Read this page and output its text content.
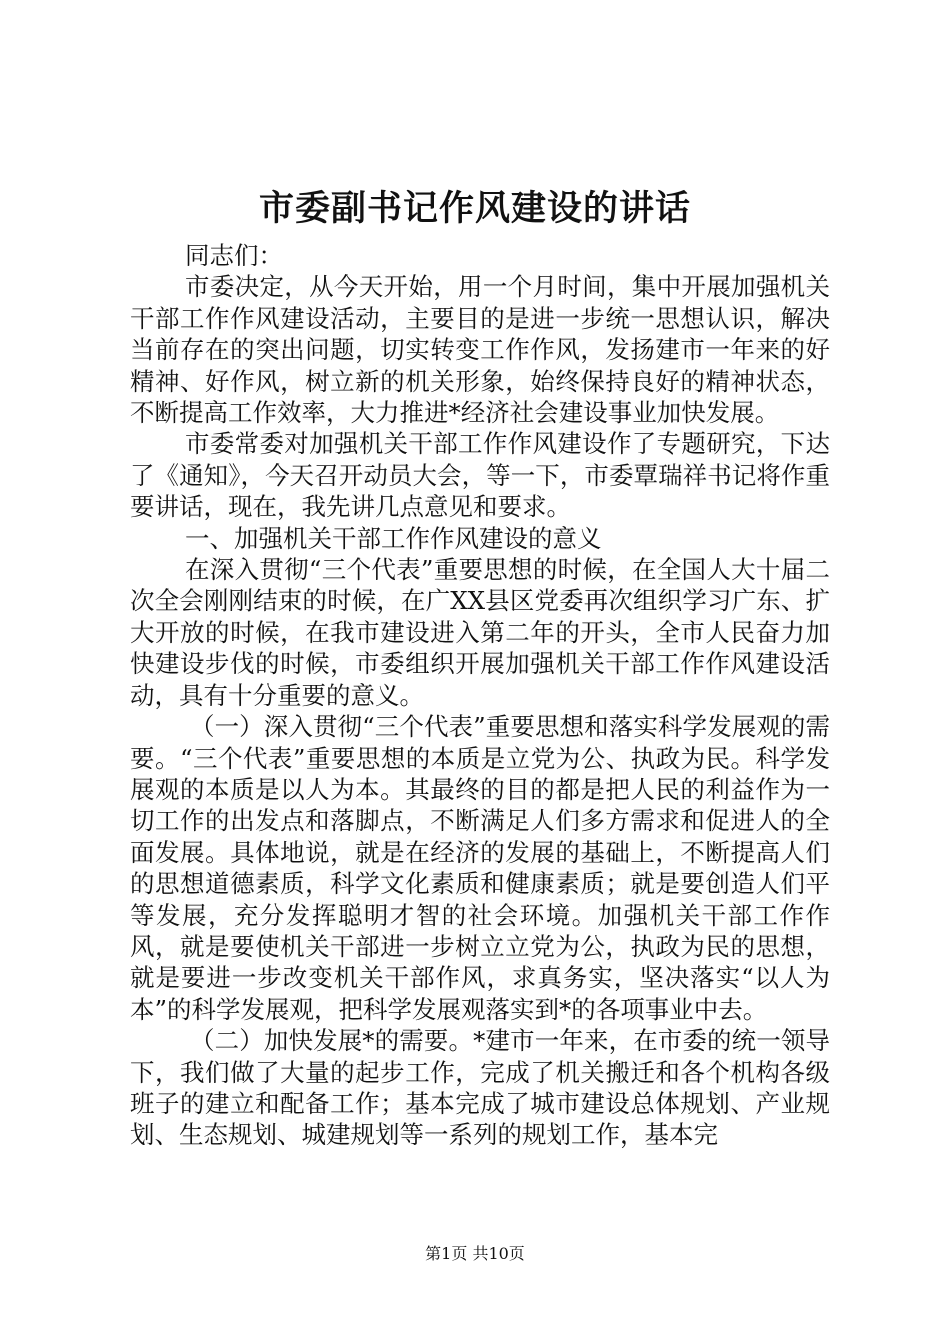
市委副书记作风建设的讲话

同志们：

市委决定，从今天开始，用一个月时间，集中开展加强机关干部工作作风建设活动，主要目的是进一步统一思想认识，解决当前存在的突出问题，切实转变工作作风，发扬建市一年来的好精神、好作风，树立新的机关形象，始终保持良好的精神状态，不断提高工作效率，大力推进*经济社会建设事业加快发展。

市委常委对加强机关干部工作作风建设作了专题研究，下达了《通知》，今天召开动员大会，等一下，市委覃瑞祥书记将作重要讲话，现在，我先讲几点意见和要求。

一、加强机关干部工作作风建设的意义

在深入贯彻“三个代表”重要思想的时候，在全国人大十届二次全会刚刚结束的时候，在广XX县区党委再次组织学习广东、扩大开放的时候，在我市建设进入第二年的开头，全市人民奋力加快建设步伐的时候，市委组织开展加强机关干部工作作风建设活动，具有十分重要的意义。

（一）深入贯彻“三个代表”重要思想和落实科学发展观的需要。“三个代表”重要思想的本质是立党为公、执政为民。科学发展观的本质是以人为本。其最终的目的都是把人民的利益作为一切工作的出发点和落脚点，不断满足人们多方需求和促进人的全面发展。具体地说，就是在经济的发展的基础上，不断提高人们的思想道德素质，科学文化素质和健康素质；就是要创造人们平等发展，充分发挥聪明才智的社会环境。加强机关干部工作作风，就是要使机关干部进一步树立立党为公，执政为民的思想，就是要进一步改变机关干部作风，求真务实，坚决落实“以人为本”的科学发展观，把科学发展观落实到*的各项事业中去。

（二）加快发展*的需要。*建市一年来，在市委的统一领导下，我们做了大量的起步工作，完成了机关搬迁和各个机构各级班子的建立和配备工作；基本完成了城市建设总体规划、产业规划、生态规划、城建规划等一系列的规划工作，基本完

第1页 共10页
